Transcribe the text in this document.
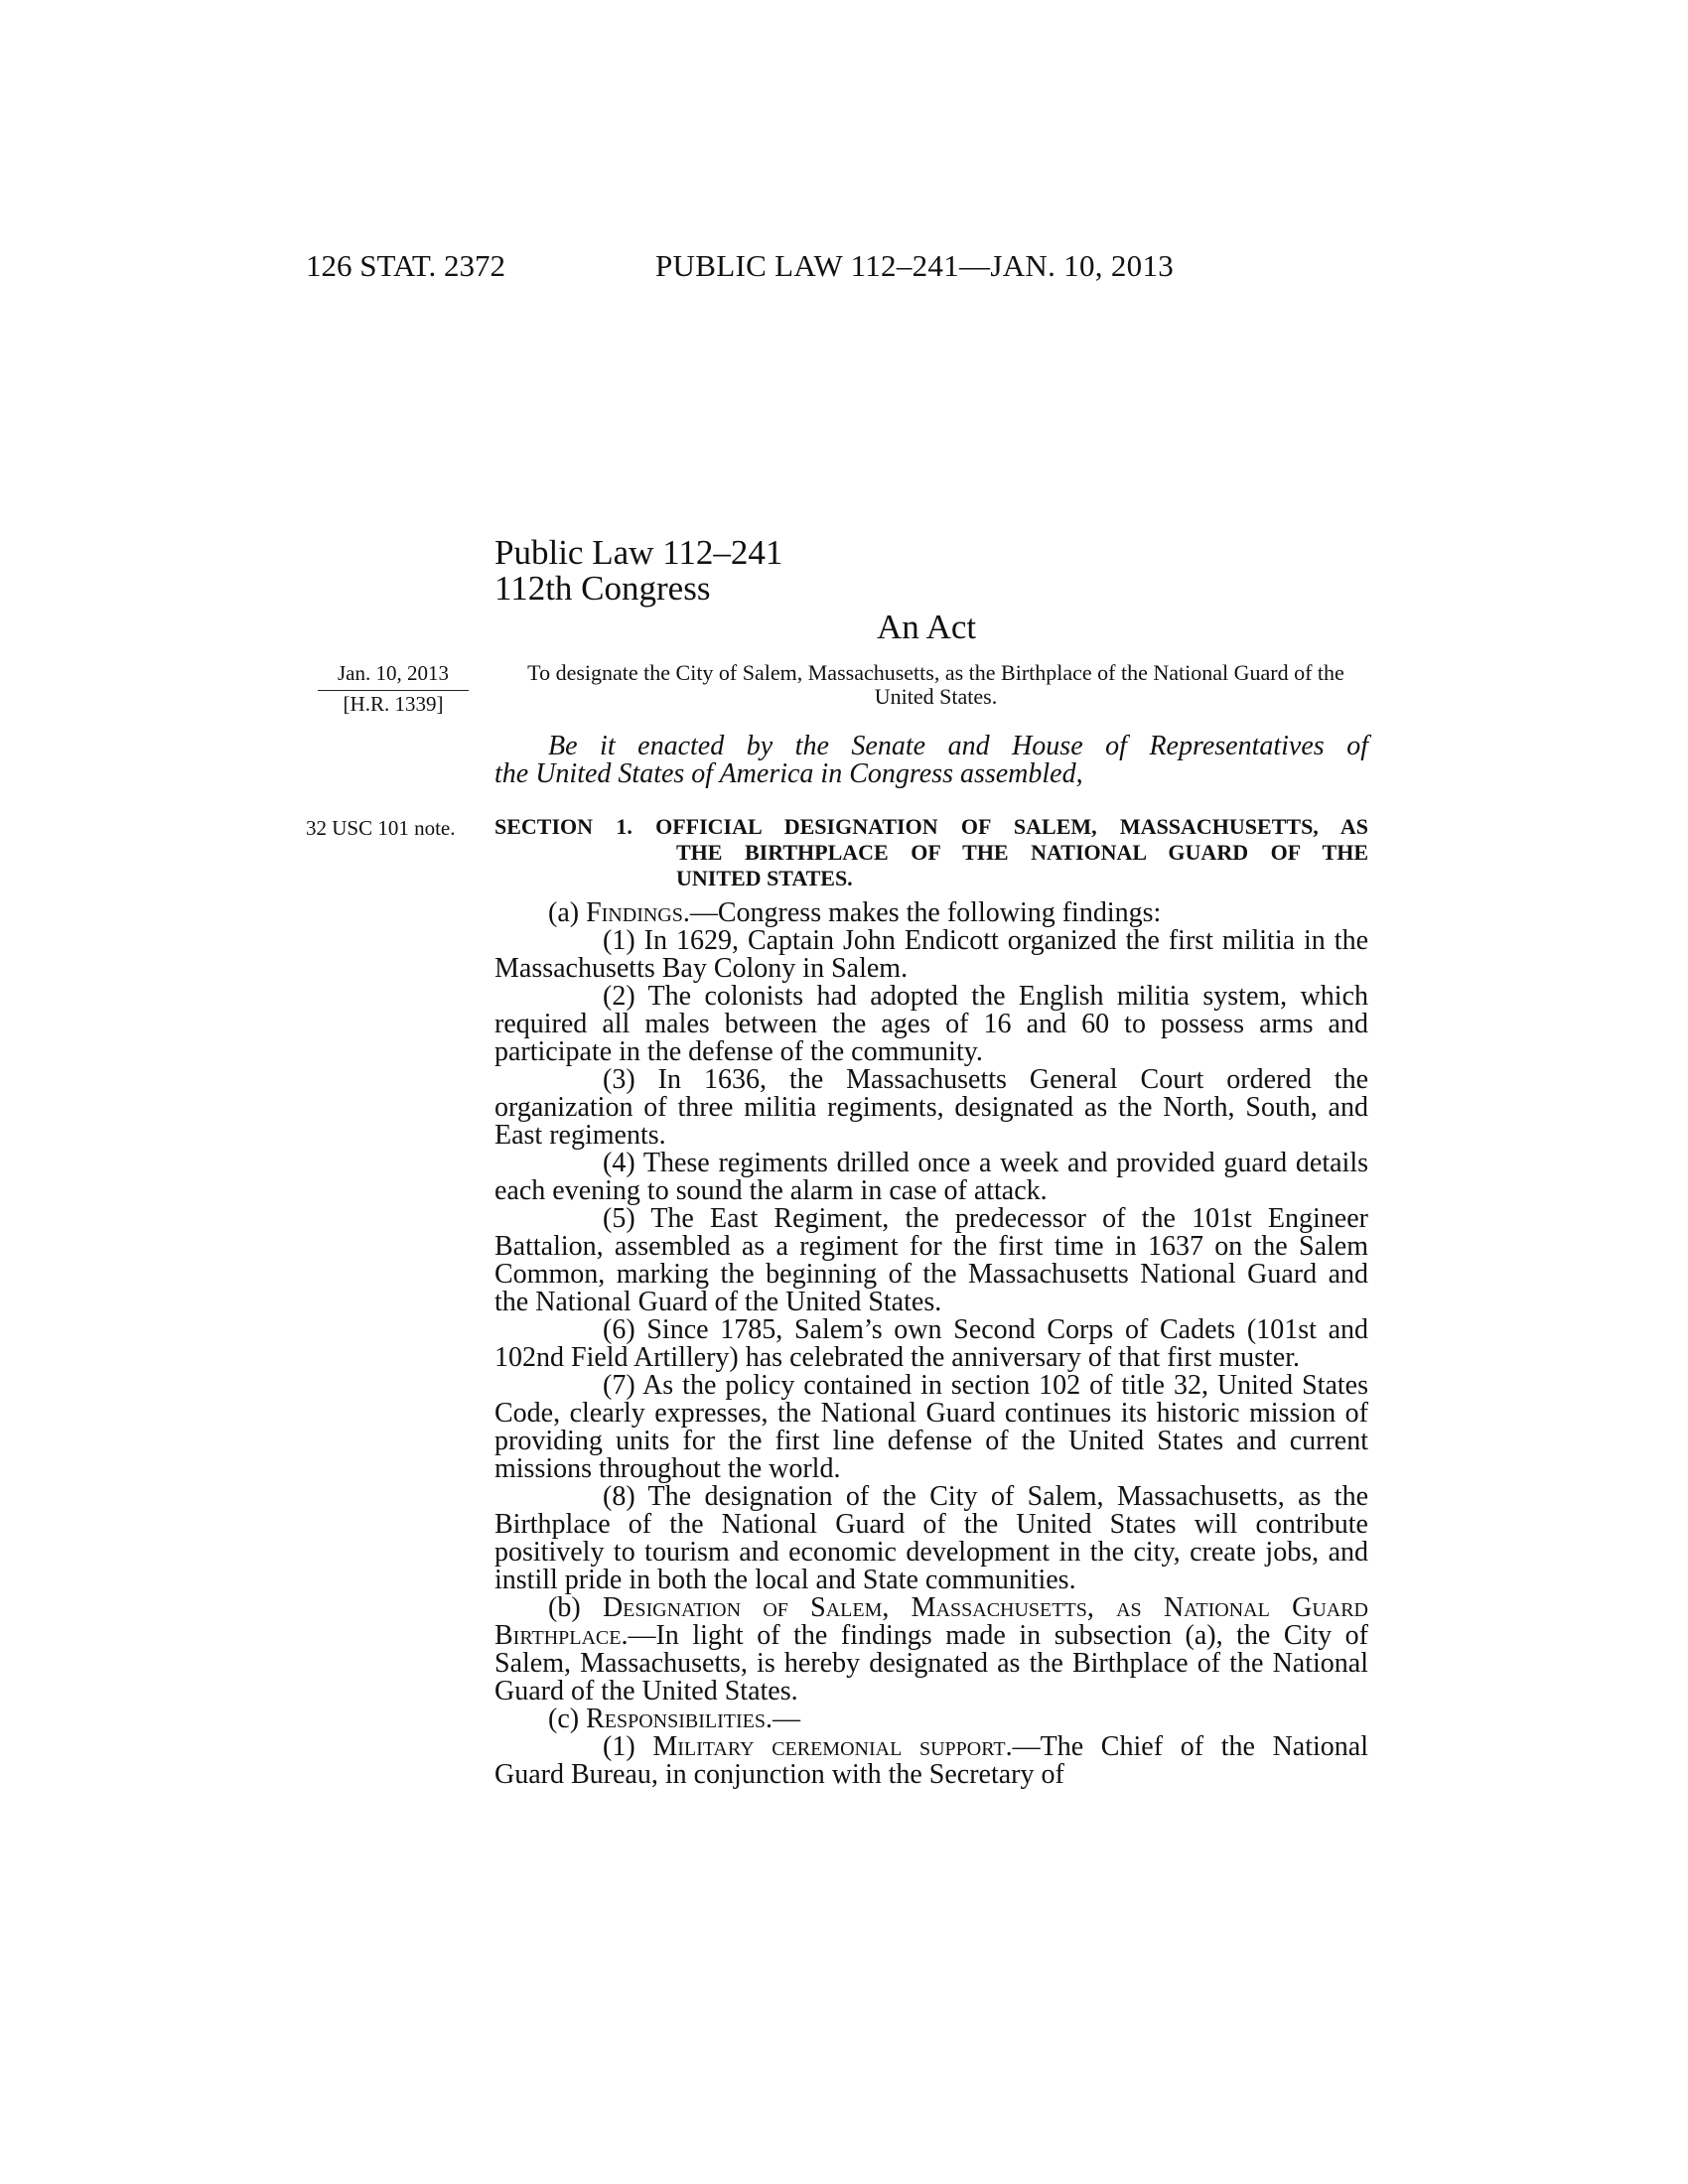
126 STAT. 2372	PUBLIC LAW 112–241—JAN. 10, 2013
Public Law 112–241
112th Congress
An Act
Jan. 10, 2013
[H.R. 1339]
32 USC 101 note.
To designate the City of Salem, Massachusetts, as the Birthplace of the National Guard of the United States.
Be it enacted by the Senate and House of Representatives of
the United States of America in Congress assembled,
SECTION 1. OFFICIAL DESIGNATION OF SALEM, MASSACHUSETTS, AS
THE BIRTHPLACE OF THE NATIONAL GUARD OF THE
UNITED STATES.

(a) Findings.—Congress makes the following findings:

(1) In 1629, Captain John Endicott organized the first militia in the Massachusetts Bay Colony in Salem.

(2) The colonists had adopted the English militia system, which required all males between the ages of 16 and 60 to possess arms and participate in the defense of the community.

(3) In 1636, the Massachusetts General Court ordered the organization of three militia regiments, designated as the North, South, and East regiments.

(4) These regiments drilled once a week and provided guard details each evening to sound the alarm in case of attack.

(5) The East Regiment, the predecessor of the 101st Engineer Battalion, assembled as a regiment for the first time in 1637 on the Salem Common, marking the beginning of the Massachusetts National Guard and the National Guard of the United States.

(6) Since 1785, Salem’s own Second Corps of Cadets (101st and 102nd Field Artillery) has celebrated the anniversary of that first muster.

(7) As the policy contained in section 102 of title 32, United States Code, clearly expresses, the National Guard continues its historic mission of providing units for the first line defense of the United States and current missions throughout the world.

(8) The designation of the City of Salem, Massachusetts, as the Birthplace of the National Guard of the United States will contribute positively to tourism and economic development in the city, create jobs, and instill pride in both the local and State communities.

(b) Designation of Salem, Massachusetts, as National Guard Birthplace.—In light of the findings made in subsection (a), the City of Salem, Massachusetts, is hereby designated as the Birthplace of the National Guard of the United States.

(c) Responsibilities.—

(1) Military ceremonial support.—The Chief of the National Guard Bureau, in conjunction with the Secretary of
